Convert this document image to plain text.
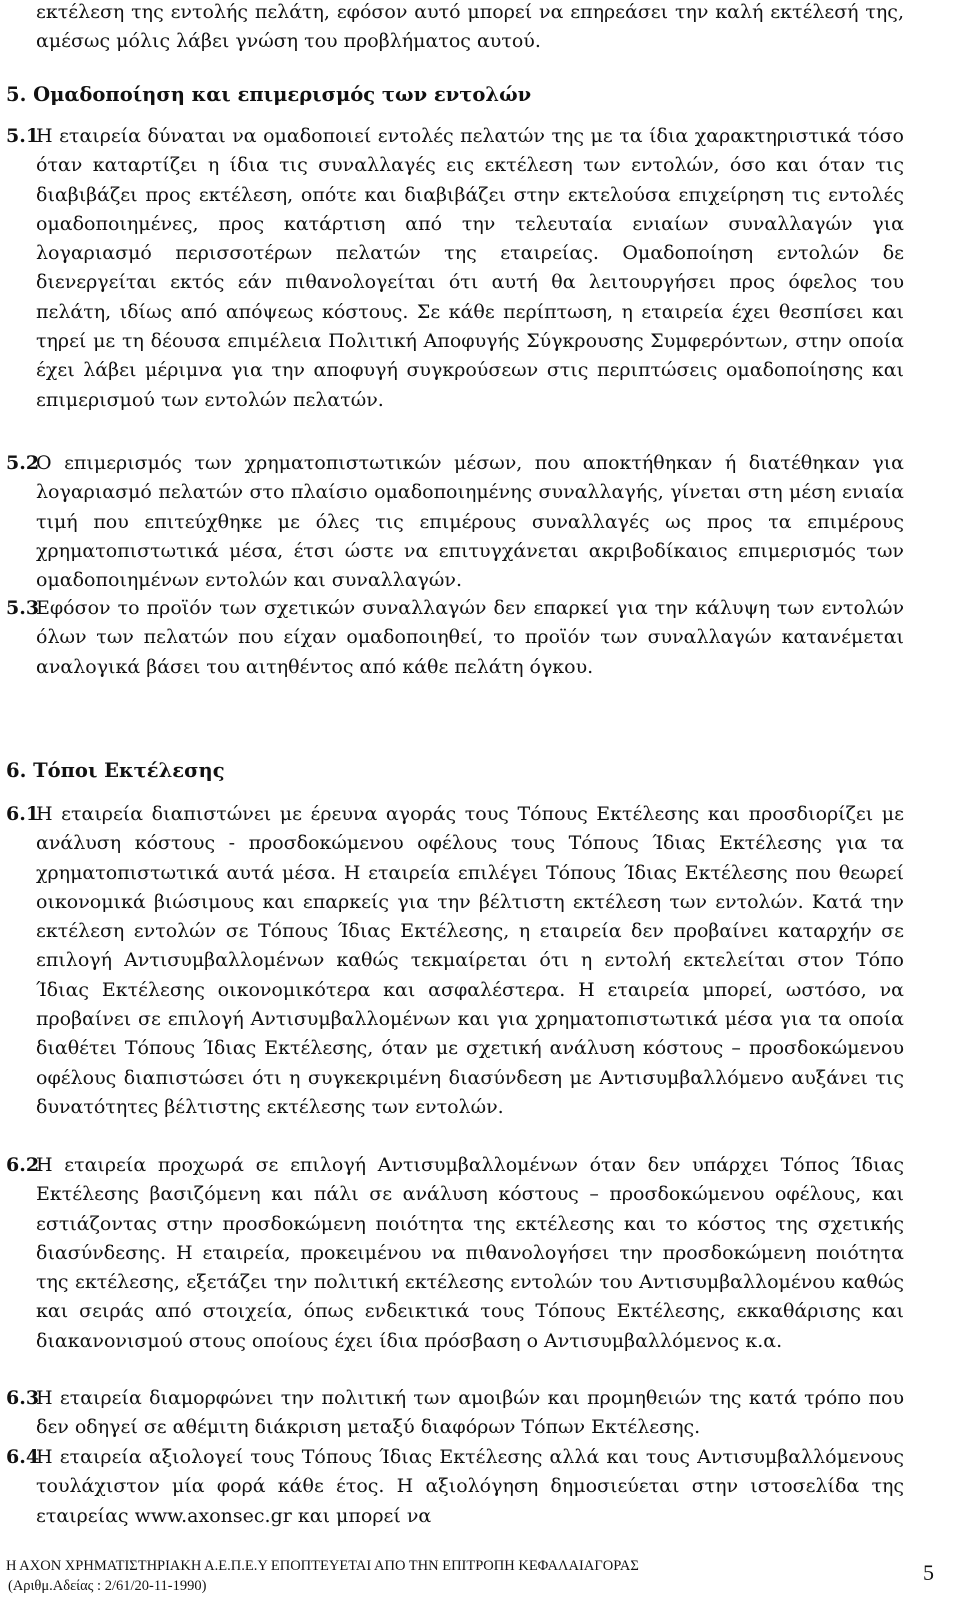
εκτέλεση της εντολής πελάτη, εφόσον αυτό μπορεί να επηρεάσει την καλή εκτέλεσή της, αμέσως μόλις λάβει γνώση του προβλήματος αυτού.

5. Ομαδοποίηση και επιμερισμός των εντολών
5.1
Η εταιρεία δύναται να ομαδοποιεί εντολές πελατών της με τα ίδια χαρακτηριστικά τόσο όταν καταρτίζει η ίδια τις συναλλαγές εις εκτέλεση των εντολών, όσο και όταν τις διαβιβάζει προς εκτέλεση, οπότε και διαβιβάζει στην εκτελούσα επιχείρηση τις εντολές ομαδοποιημένες, προς κατάρτιση από την τελευταία ενιαίων συναλλαγών για λογαριασμό περισσοτέρων πελατών της εταιρείας. Ομαδοποίηση εντολών δε διενεργείται εκτός εάν πιθανολογείται ότι αυτή θα λειτουργήσει προς όφελος του πελάτη, ιδίως από απόψεως κόστους. Σε κάθε περίπτωση, η εταιρεία έχει θεσπίσει και τηρεί με τη δέουσα επιμέλεια Πολιτική Αποφυγής Σύγκρουσης Συμφερόντων, στην οποία έχει λάβει μέριμνα για την αποφυγή συγκρούσεων στις περιπτώσεις ομαδοποίησης και επιμερισμού των εντολών πελατών.
5.2
Ο επιμερισμός των χρηματοπιστωτικών μέσων, που αποκτήθηκαν ή διατέθηκαν για λογαριασμό πελατών στο πλαίσιο ομαδοποιημένης συναλλαγής, γίνεται στη μέση ενιαία τιμή που επιτεύχθηκε με όλες τις επιμέρους συναλλαγές ως προς τα επιμέρους χρηματοπιστωτικά μέσα, έτσι ώστε να επιτυγχάνεται ακριβοδίκαιος επιμερισμός των ομαδοποιημένων εντολών και συναλλαγών.
5.3
Εφόσον το προϊόν των σχετικών συναλλαγών δεν επαρκεί για την κάλυψη των εντολών όλων των πελατών που είχαν ομαδοποιηθεί, το προϊόν των συναλλαγών κατανέμεται αναλογικά βάσει του αιτηθέντος από κάθε πελάτη όγκου.
6. Τόποι Εκτέλεσης
6.1
Η εταιρεία διαπιστώνει με έρευνα αγοράς τους Τόπους Εκτέλεσης και προσδιορίζει με ανάλυση κόστους - προσδοκώμενου οφέλους τους Τόπους Ίδιας Εκτέλεσης για τα χρηματοπιστωτικά αυτά μέσα. Η εταιρεία επιλέγει Τόπους Ίδιας Εκτέλεσης που θεωρεί οικονομικά βιώσιμους και επαρκείς για την βέλτιστη εκτέλεση των εντολών. Κατά την εκτέλεση εντολών σε Τόπους Ίδιας Εκτέλεσης, η εταιρεία δεν προβαίνει καταρχήν σε επιλογή Αντισυμβαλλομένων καθώς τεκμαίρεται ότι η εντολή εκτελείται στον Τόπο Ίδιας Εκτέλεσης οικονομικότερα και ασφαλέστερα. Η εταιρεία μπορεί, ωστόσο, να προβαίνει σε επιλογή Αντισυμβαλλομένων και για χρηματοπιστωτικά μέσα για τα οποία διαθέτει Τόπους Ίδιας Εκτέλεσης, όταν με σχετική ανάλυση κόστους – προσδοκώμενου οφέλους διαπιστώσει ότι η συγκεκριμένη διασύνδεση με Αντισυμβαλλόμενο αυξάνει τις δυνατότητες βέλτιστης εκτέλεσης των εντολών.
6.2
Η εταιρεία προχωρά σε επιλογή Αντισυμβαλλομένων όταν δεν υπάρχει Τόπος Ίδιας Εκτέλεσης βασιζόμενη και πάλι σε ανάλυση κόστους – προσδοκώμενου οφέλους, και εστιάζοντας στην προσδοκώμενη ποιότητα της εκτέλεσης και το κόστος της σχετικής διασύνδεσης. Η εταιρεία, προκειμένου να πιθανολογήσει την προσδοκώμενη ποιότητα της εκτέλεσης, εξετάζει την πολιτική εκτέλεσης εντολών του Αντισυμβαλλομένου καθώς και σειράς από στοιχεία, όπως ενδεικτικά τους Τόπους Εκτέλεσης, εκκαθάρισης και διακανονισμού στους οποίους έχει ίδια πρόσβαση ο Αντισυμβαλλόμενος κ.α.
6.3
Η εταιρεία διαμορφώνει την πολιτική των αμοιβών και προμηθειών της κατά τρόπο που δεν οδηγεί σε αθέμιτη διάκριση μεταξύ διαφόρων Τόπων Εκτέλεσης.
6.4
Η εταιρεία αξιολογεί τους Τόπους Ίδιας Εκτέλεσης αλλά και τους Αντισυμβαλλόμενους τουλάχιστον μία φορά κάθε έτος. Η αξιολόγηση δημοσιεύεται στην ιστοσελίδα της εταιρείας www.axonsec.gr και μπορεί να
Η ΑΧΟΝ ΧΡΗΜΑΤΙΣΤΗΡΙΑΚΗ Α.Ε.Π.Ε.Υ ΕΠΟΠΤΕΥΕΤΑΙ ΑΠΟ ΤΗΝ ΕΠΙΤΡΟΠΗ ΚΕΦΑΛΑΙΑΓΟΡΑΣ
(Αριθμ.Αδείας : 2/61/20-11-1990)
5
